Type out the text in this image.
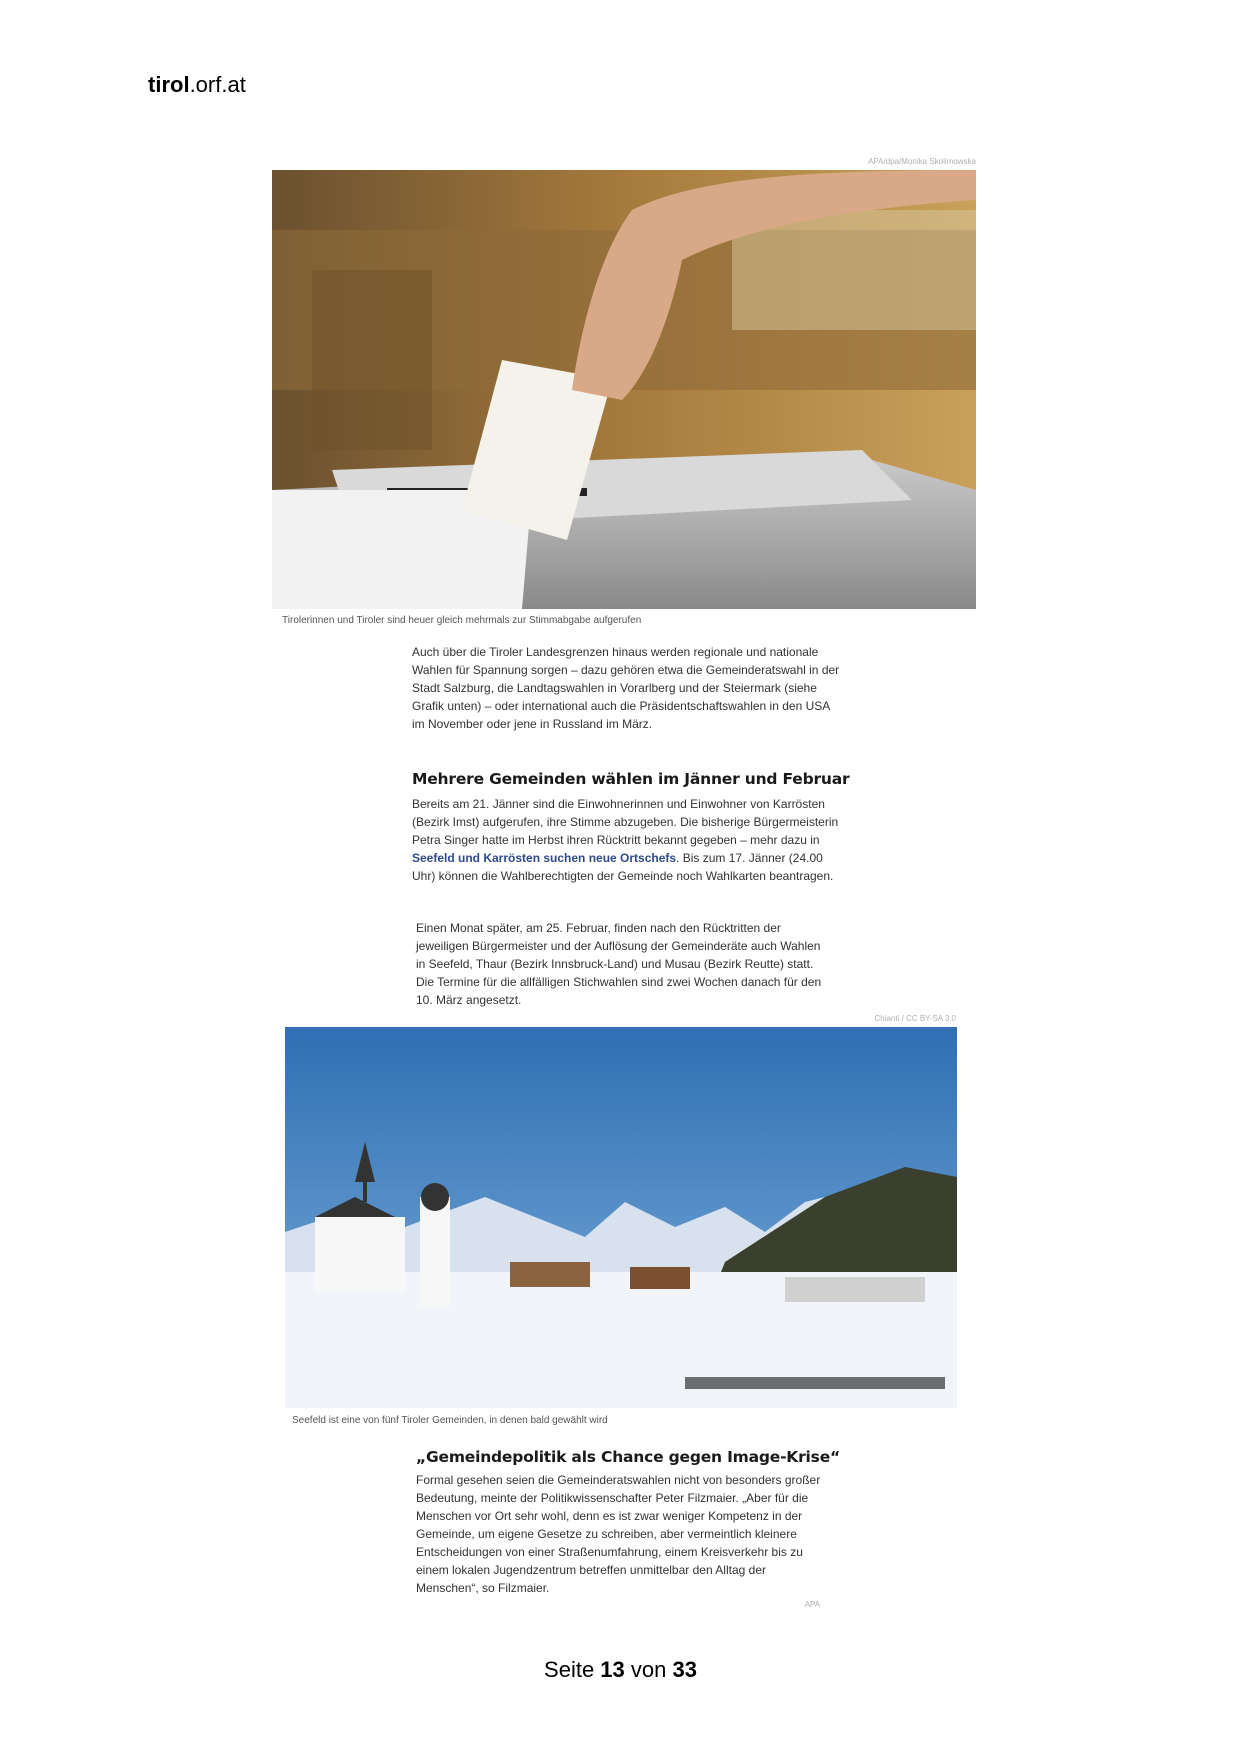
tirol.orf.at
APA/dpa/Monika Skolimowska
Tirolerinnen und Tiroler sind heuer gleich mehrmals zur Stimmabgabe aufgerufen
Auch über die Tiroler Landesgrenzen hinaus werden regionale und nationale Wahlen für Spannung sorgen – dazu gehören etwa die Gemeinderatswahl in der Stadt Salzburg, die Landtagswahlen in Vorarlberg und der Steiermark (siehe Grafik unten) – oder international auch die Präsidentschaftswahlen in den USA im November oder jene in Russland im März.
Mehrere Gemeinden wählen im Jänner und Februar
Bereits am 21. Jänner sind die Einwohnerinnen und Einwohner von Karrösten (Bezirk Imst) aufgerufen, ihre Stimme abzugeben. Die bisherige Bürgermeisterin Petra Singer hatte im Herbst ihren Rücktritt bekannt gegeben – mehr dazu in Seefeld und Karrösten suchen neue Ortschefs. Bis zum 17. Jänner (24.00 Uhr) können die Wahlberechtigten der Gemeinde noch Wahlkarten beantragen.
Einen Monat später, am 25. Februar, finden nach den Rücktritten der jeweiligen Bürgermeister und der Auflösung der Gemeinderäte auch Wahlen in Seefeld, Thaur (Bezirk Innsbruck-Land) und Musau (Bezirk Reutte) statt. Die Termine für die allfälligen Stichwahlen sind zwei Wochen danach für den 10. März angesetzt.
Chianti / CC BY-SA 3.0
Seefeld ist eine von fünf Tiroler Gemeinden, in denen bald gewählt wird
„Gemeindepolitik als Chance gegen Image-Krise“
Formal gesehen seien die Gemeinderatswahlen nicht von besonders großer Bedeutung, meinte der Politikwissenschafter Peter Filzmaier. „Aber für die Menschen vor Ort sehr wohl, denn es ist zwar weniger Kompetenz in der Gemeinde, um eigene Gesetze zu schreiben, aber vermeintlich kleinere Entscheidungen von einer Straßenumfahrung, einem Kreisverkehr bis zu einem lokalen Jugendzentrum betreffen unmittelbar den Alltag der Menschen“, so Filzmaier.
APA
Seite 13 von 33
